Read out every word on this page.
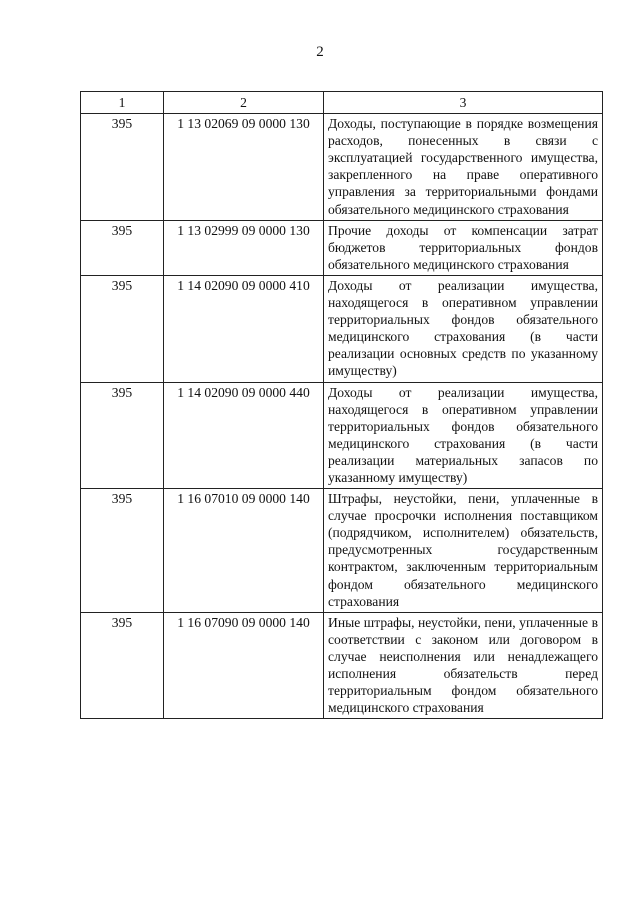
2
1	2	3
395	1 13 02069 09 0000 130	Доходы, поступающие в порядке возмещения расходов, понесенных в связи с эксплуатацией государственного имущества, закрепленного на праве оперативного управления за территориальными фондами обязательного медицинского страхования
395	1 13 02999 09 0000 130	Прочие доходы от компенсации затрат бюджетов территориальных фондов обязательного медицинского страхования
395	1 14 02090 09 0000 410	Доходы от реализации имущества, находящегося в оперативном управлении территориальных фондов обязательного медицинского страхования (в части реализации основных средств по указанному имуществу)
395	1 14 02090 09 0000 440	Доходы от реализации имущества, находящегося в оперативном управлении территориальных фондов обязательного медицинского страхования (в части реализации материальных запасов по указанному имуществу)
395	1 16 07010 09 0000 140	Штрафы, неустойки, пени, уплаченные в случае просрочки исполнения поставщиком (подрядчиком, исполнителем) обязательств, предусмотренных государственным контрактом, заключенным территориальным фондом обязательного медицинского страхования
395	1 16 07090 09 0000 140	Иные штрафы, неустойки, пени, уплаченные в соответствии с законом или договором в случае неисполнения или ненадлежащего исполнения обязательств перед территориальным фондом обязательного медицинского страхования
